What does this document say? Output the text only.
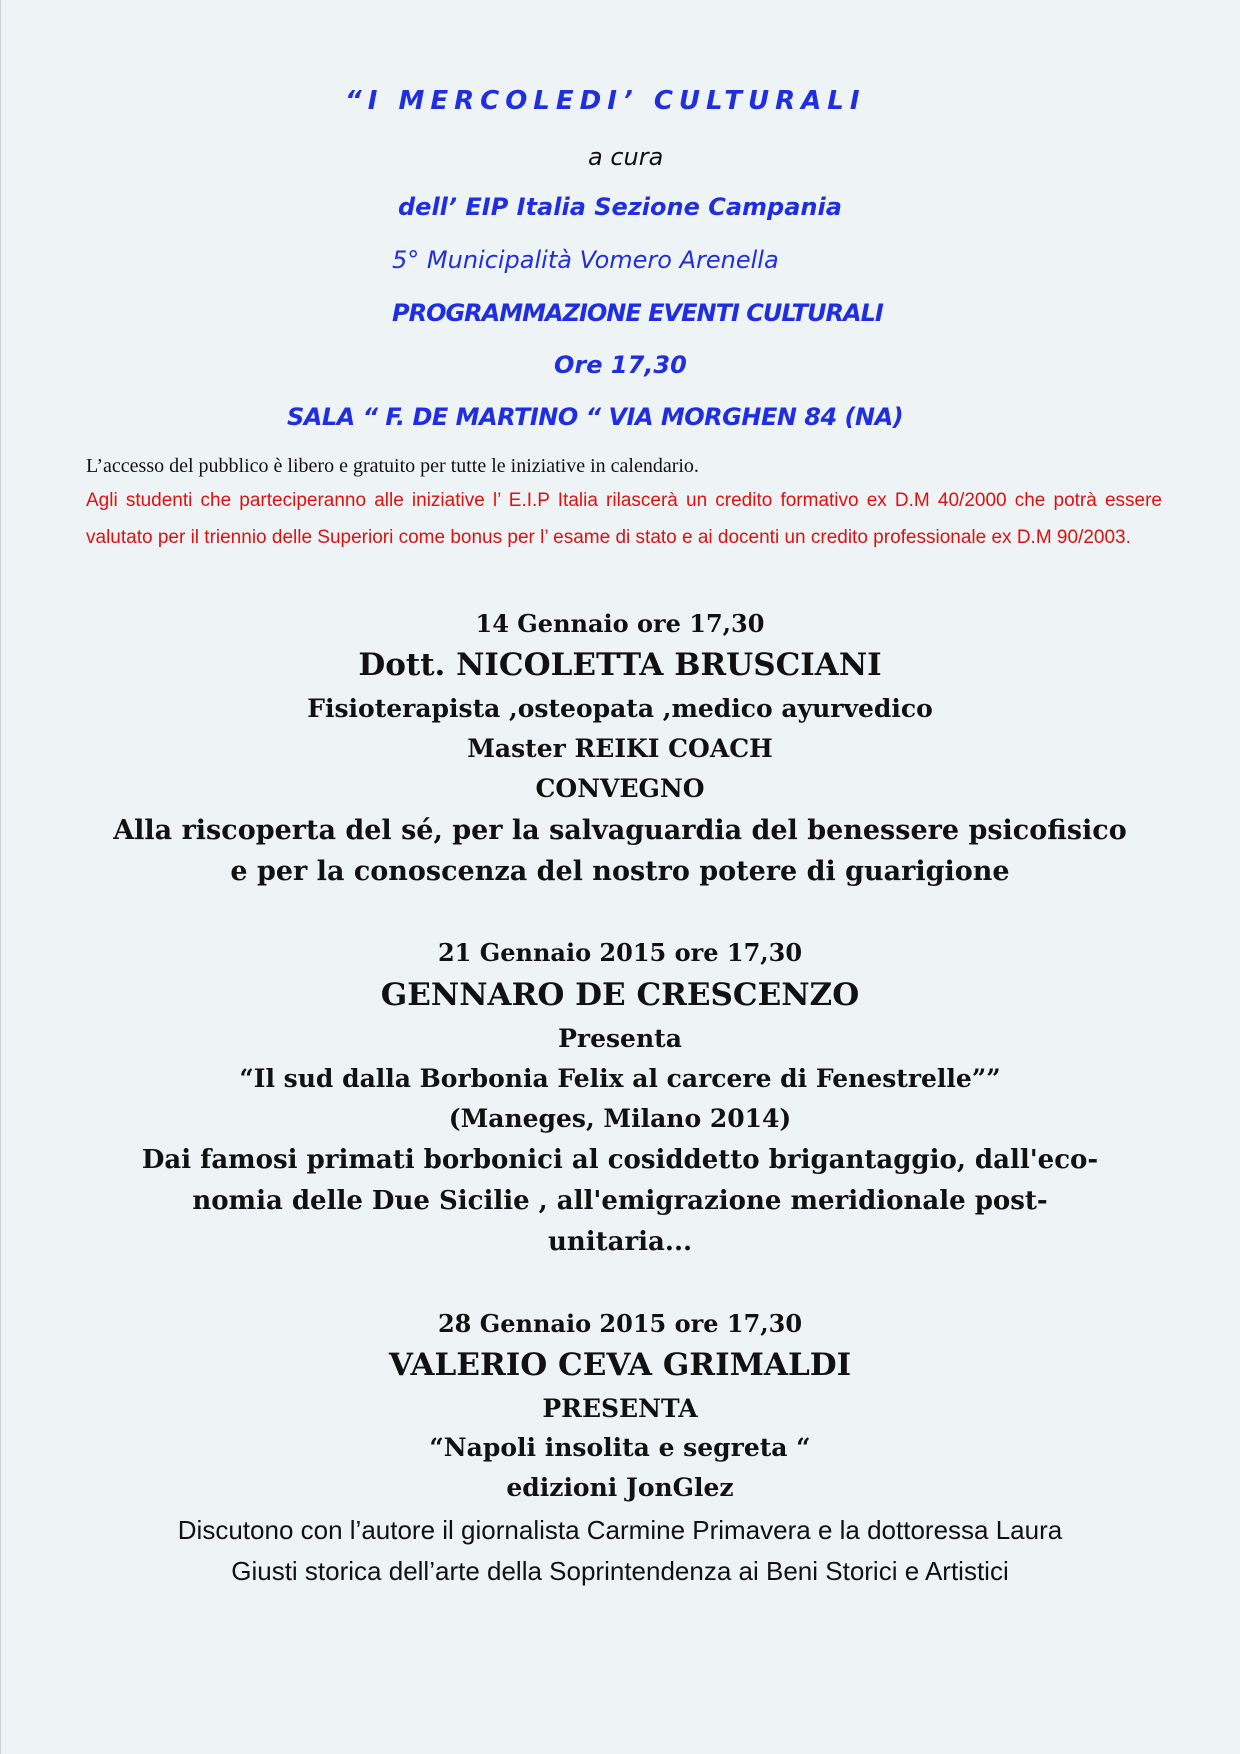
“I MERCOLEDI’ CULTURALI
a cura
dell’ EIP Italia Sezione Campania
5° Municipalità Vomero Arenella
PROGRAMMAZIONE EVENTI CULTURALI
Ore 17,30
SALA “ F. DE MARTINO “ VIA MORGHEN 84 (NA)
L’accesso del pubblico è libero e gratuito per tutte le iniziative in calendario.
Agli studenti che parteciperanno alle iniziative l’ E.I.P Italia rilascerà un credito formativo ex D.M 40/2000 che potrà essere valutato per il triennio delle Superiori come bonus per l’ esame di stato e ai docenti un credito professionale ex D.M 90/2003.
14 Gennaio ore 17,30
Dott. NICOLETTA BRUSCIANI
Fisioterapista ,osteopata ,medico ayurvedico
Master REIKI COACH
CONVEGNO
Alla riscoperta del sé, per la salvaguardia del benessere psicofisico
e per la conoscenza del nostro potere di guarigione
21 Gennaio 2015 ore 17,30
GENNARO DE CRESCENZO
Presenta
“Il sud dalla Borbonia Felix al carcere di Fenestrelle””
(Maneges, Milano 2014)
Dai famosi primati borbonici al cosiddetto brigantaggio, dall'eco-
nomia delle Due Sicilie , all'emigrazione meridionale post-
unitaria...
28 Gennaio 2015 ore 17,30
VALERIO CEVA GRIMALDI
PRESENTA
“Napoli insolita e segreta “
edizioni JonGlez
Discutono con l’autore il giornalista Carmine Primavera e la dottoressa Laura
Giusti storica dell’arte della Soprintendenza ai Beni Storici e Artistici
